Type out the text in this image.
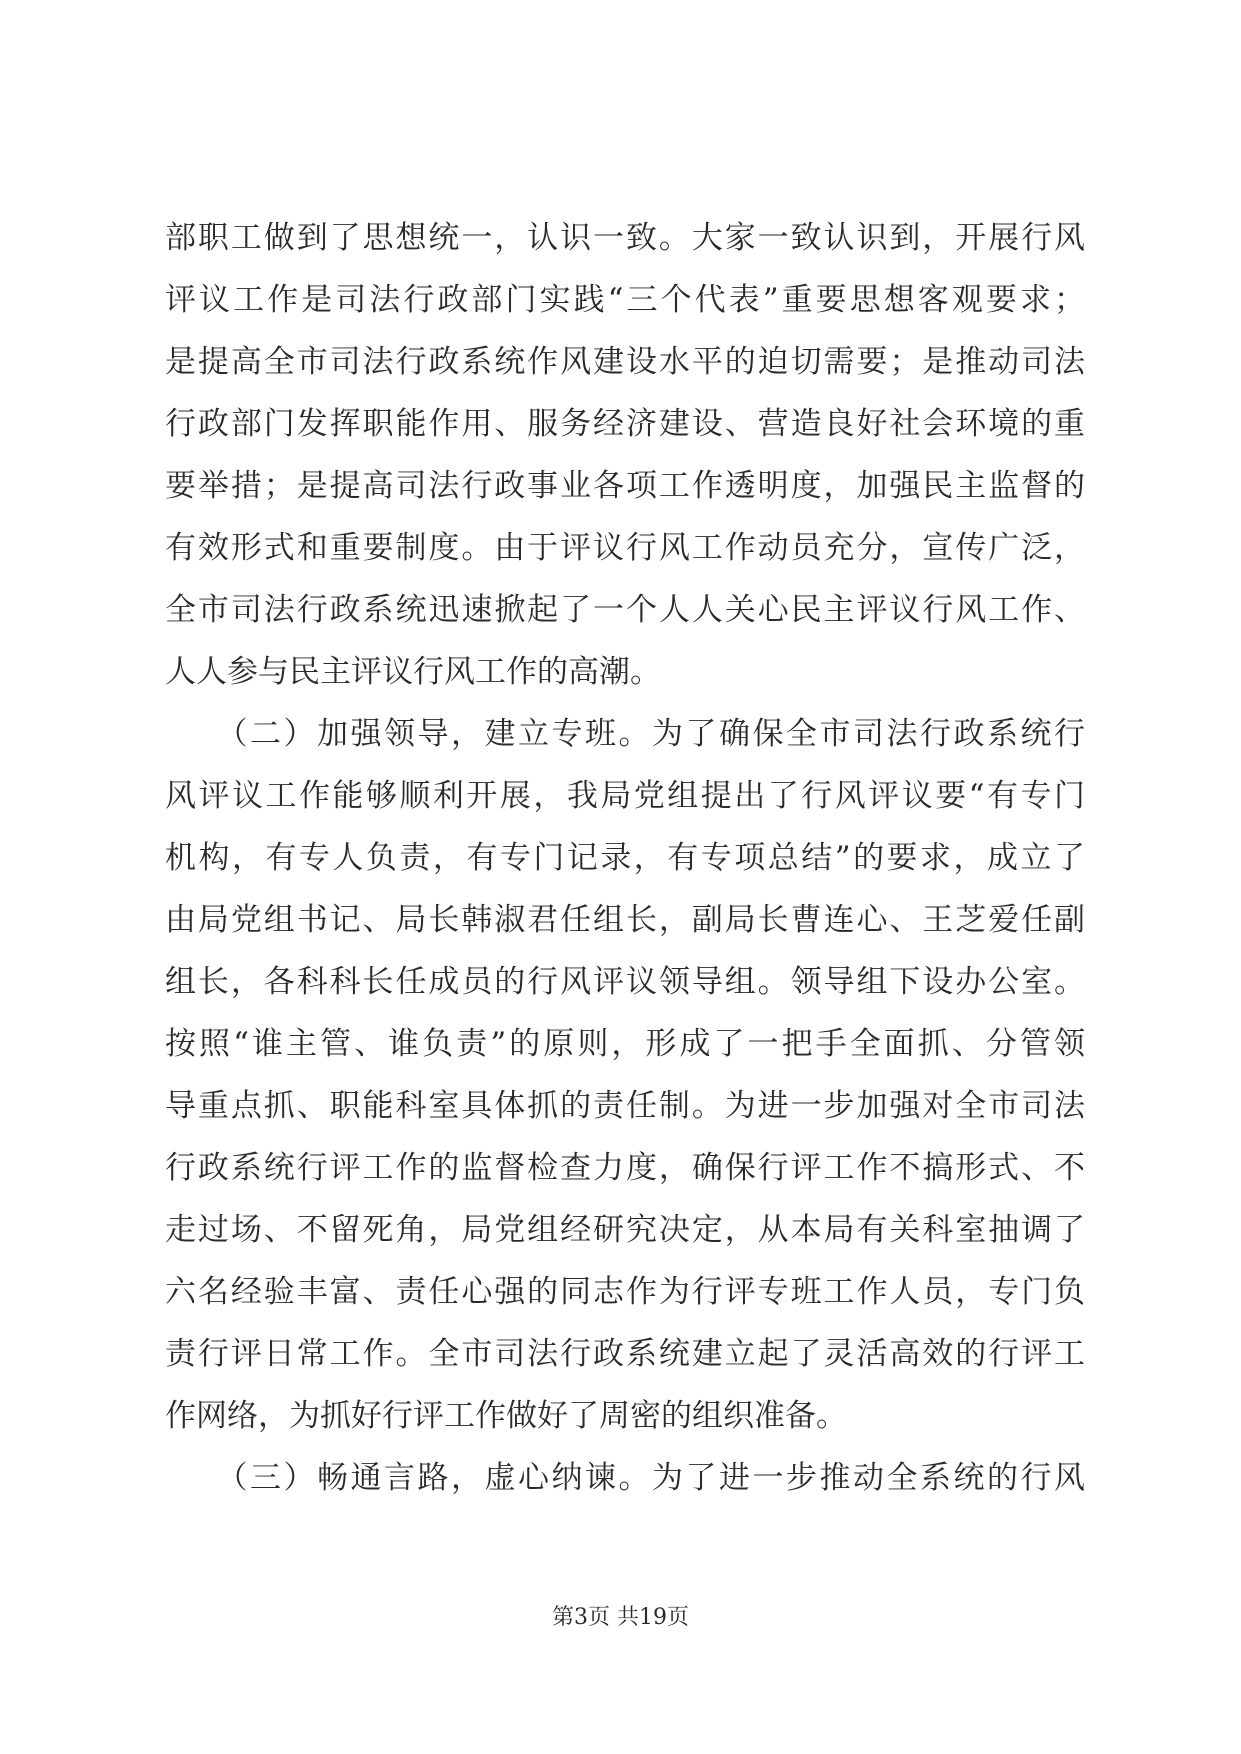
部职工做到了思想统一，认识一致。大家一致认识到，开展行风
评议工作是司法行政部门实践“三个代表”重要思想客观要求；
是提高全市司法行政系统作风建设水平的迫切需要；是推动司法
行政部门发挥职能作用、服务经济建设、营造良好社会环境的重
要举措；是提高司法行政事业各项工作透明度，加强民主监督的
有效形式和重要制度。由于评议行风工作动员充分，宣传广泛，
全市司法行政系统迅速掀起了一个人人关心民主评议行风工作、
人人参与民主评议行风工作的高潮。
　　（二）加强领导，建立专班。为了确保全市司法行政系统行
风评议工作能够顺利开展，我局党组提出了行风评议要“有专门
机构，有专人负责，有专门记录，有专项总结”的要求，成立了
由局党组书记、局长韩淑君任组长，副局长曹连心、王芝爱任副
组长，各科科长任成员的行风评议领导组。领导组下设办公室。
按照“谁主管、谁负责”的原则，形成了一把手全面抓、分管领
导重点抓、职能科室具体抓的责任制。为进一步加强对全市司法
行政系统行评工作的监督检查力度，确保行评工作不搞形式、不
走过场、不留死角，局党组经研究决定，从本局有关科室抽调了
六名经验丰富、责任心强的同志作为行评专班工作人员，专门负
责行评日常工作。全市司法行政系统建立起了灵活高效的行评工
作网络，为抓好行评工作做好了周密的组织准备。
　　（三）畅通言路，虚心纳谏。为了进一步推动全系统的行风
第3页 共19页
